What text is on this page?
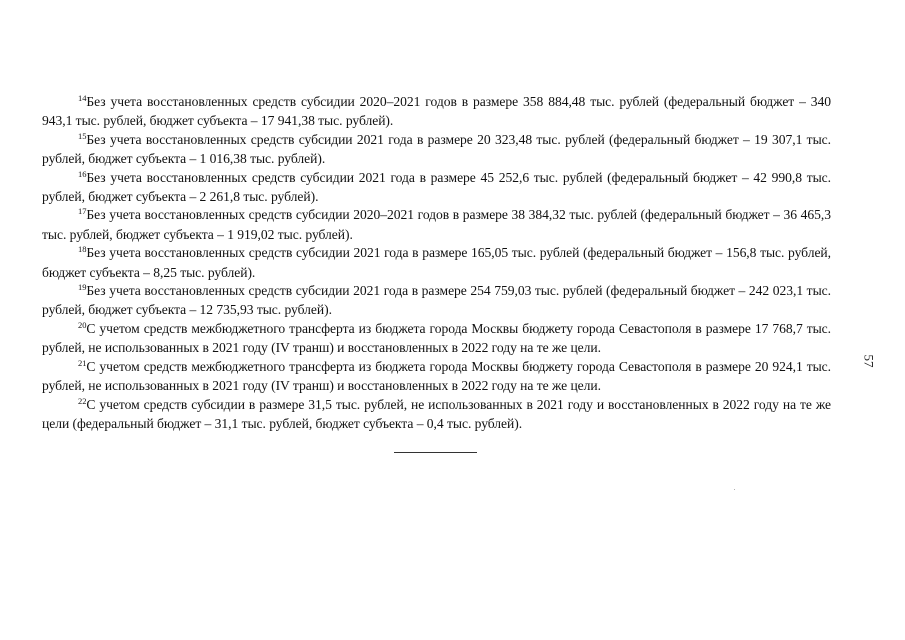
$^{14}$Без учета восстановленных средств субсидии 2020–2021 годов в размере 358 884,48 тыс. рублей (федеральный бюджет – 340 943,1 тыс. рублей, бюджет субъекта – 17 941,38 тыс. рублей).

$^{15}$Без учета восстановленных средств субсидии 2021 года в размере 20 323,48 тыс. рублей (федеральный бюджет – 19 307,1 тыс. рублей, бюджет субъекта – 1 016,38 тыс. рублей).

$^{16}$Без учета восстановленных средств субсидии 2021 года в размере 45 252,6 тыс. рублей (федеральный бюджет – 42 990,8 тыс. рублей, бюджет субъекта – 2 261,8 тыс. рублей).

$^{17}$Без учета восстановленных средств субсидии 2020–2021 годов в размере 38 384,32 тыс. рублей (федеральный бюджет – 36 465,3 тыс. рублей, бюджет субъекта – 1 919,02 тыс. рублей).

$^{18}$Без учета восстановленных средств субсидии 2021 года в размере 165,05 тыс. рублей (федеральный бюджет – 156,8 тыс. рублей, бюджет субъекта – 8,25 тыс. рублей).

$^{19}$Без учета восстановленных средств субсидии 2021 года в размере 254 759,03 тыс. рублей (федеральный бюджет – 242 023,1 тыс. рублей, бюджет субъекта – 12 735,93 тыс. рублей).

$^{20}$С учетом средств межбюджетного трансферта из бюджета города Москвы бюджету города Севастополя в размере 17 768,7 тыс. рублей, не использованных в 2021 году (IV транш) и восстановленных в 2022 году на те же цели.

$^{21}$С учетом средств межбюджетного трансферта из бюджета города Москвы бюджету города Севастополя в размере 20 924,1 тыс. рублей, не использованных в 2021 году (IV транш) и восстановленных в 2022 году на те же цели.

$^{22}$С учетом средств субсидии в размере 31,5 тыс. рублей, не использованных в 2021 году и восстановленных в 2022 году на те же цели (федеральный бюджет – 31,1 тыс. рублей, бюджет субъекта – 0,4 тыс. рублей).

57
